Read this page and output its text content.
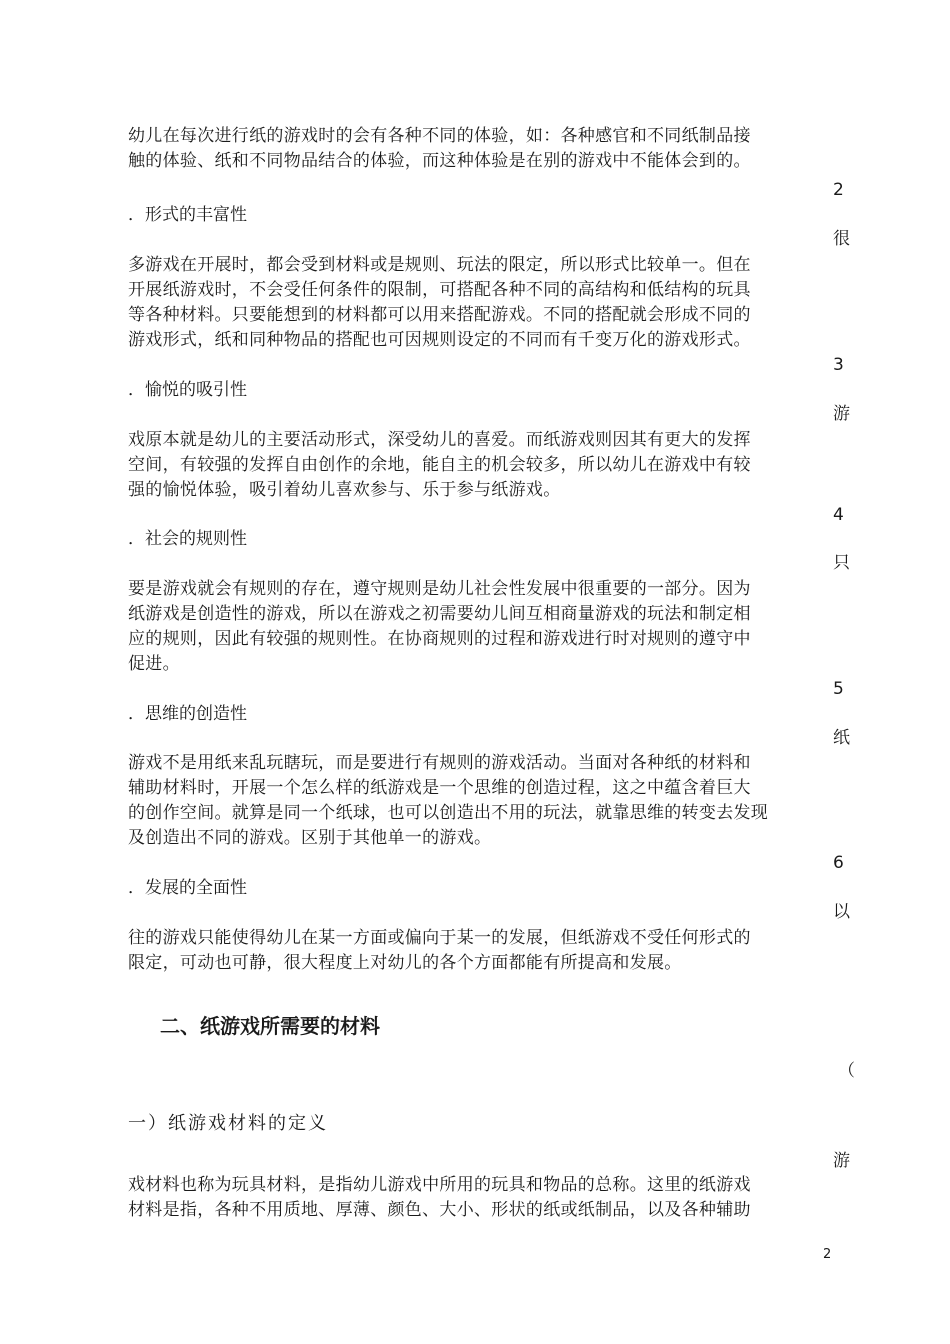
幼儿在每次进行纸的游戏时的会有各种不同的体验，如：各种感官和不同纸制品接
触的体验、纸和不同物品结合的体验，而这种体验是在别的游戏中不能体会到的。
2
．形式的丰富性
很
多游戏在开展时，都会受到材料或是规则、玩法的限定，所以形式比较单一。但在
开展纸游戏时，不会受任何条件的限制，可搭配各种不同的高结构和低结构的玩具
等各种材料。只要能想到的材料都可以用来搭配游戏。不同的搭配就会形成不同的
游戏形式，纸和同种物品的搭配也可因规则设定的不同而有千变万化的游戏形式。
3
．愉悦的吸引性
游
戏原本就是幼儿的主要活动形式，深受幼儿的喜爱。而纸游戏则因其有更大的发挥
空间，有较强的发挥自由创作的余地，能自主的机会较多，所以幼儿在游戏中有较
强的愉悦体验，吸引着幼儿喜欢参与、乐于参与纸游戏。
4
．社会的规则性
只
要是游戏就会有规则的存在，遵守规则是幼儿社会性发展中很重要的一部分。因为
纸游戏是创造性的游戏，所以在游戏之初需要幼儿间互相商量游戏的玩法和制定相
应的规则，因此有较强的规则性。在协商规则的过程和游戏进行时对规则的遵守中
促进。
5
．思维的创造性
纸
游戏不是用纸来乱玩瞎玩，而是要进行有规则的游戏活动。当面对各种纸的材料和
辅助材料时，开展一个怎么样的纸游戏是一个思维的创造过程，这之中蕴含着巨大
的创作空间。就算是同一个纸球，也可以创造出不用的玩法，就靠思维的转变去发现
及创造出不同的游戏。区别于其他单一的游戏。
6
．发展的全面性
以
往的游戏只能使得幼儿在某一方面或偏向于某一的发展，但纸游戏不受任何形式的
限定，可动也可静，很大程度上对幼儿的各个方面都能有所提高和发展。
二、纸游戏所需要的材料
（
一）纸游戏材料的定义
游
戏材料也称为玩具材料，是指幼儿游戏中所用的玩具和物品的总称。这里的纸游戏
材料是指，各种不用质地、厚薄、颜色、大小、形状的纸或纸制品，以及各种辅助
2
